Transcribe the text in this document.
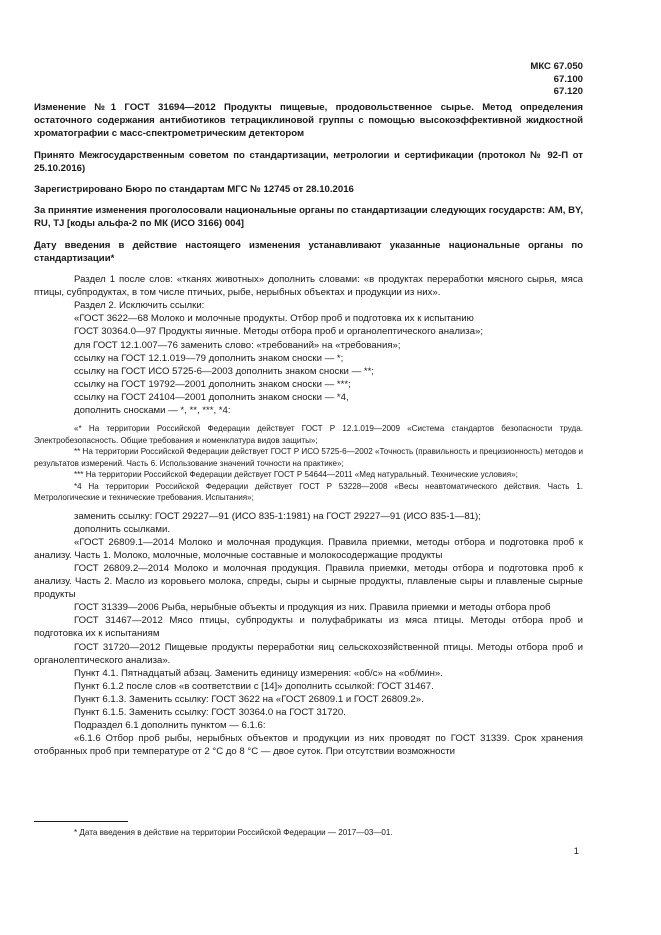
МКС 67.050
67.100
67.120

Изменение №1 ГОСТ 31694—2012 Продукты пищевые, продовольственное сырье. Метод определения остаточного содержания антибиотиков тетрациклиновой группы с помощью высокоэффективной жидкостной хроматографии с масс-спектрометрическим детектором

Принято Межгосударственным советом по стандартизации, метрологии и сертификации (протокол № 92-П от 25.10.2016)

Зарегистрировано Бюро по стандартам МГС № 12745 от 28.10.2016

За принятие изменения проголосовали национальные органы по стандартизации следующих государств: AM, BY, RU, TJ [коды альфа-2 по МК (ИСО 3166) 004]

Дату введения в действие настоящего изменения устанавливают указанные национальные органы по стандартизации*

Раздел 1 после слов: «тканях животных» дополнить словами: «в продуктах переработки мясного сырья, мяса птицы, субпродуктах, в том числе птичьих, рыбе, нерыбных объектах и продукции из них».

Раздел 2. Исключить ссылки:

«ГОСТ 3622—68 Молоко и молочные продукты. Отбор проб и подготовка их к испытанию

ГОСТ 30364.0—97 Продукты яичные. Методы отбора проб и органолептического анализа»;

для ГОСТ 12.1.007—76 заменить слово: «требований» на «требования»;

ссылку на ГОСТ 12.1.019—79 дополнить знаком сноски — *;

ссылку на ГОСТ ИСО 5725-6—2003 дополнить знаком сноски — **;

ссылку на ГОСТ 19792—2001 дополнить знаком сноски — ***;

ссылку на ГОСТ 24104—2001 дополнить знаком сноски — *4,

дополнить сносками — *, **, ***, *4:

«* На территории Российской Федерации действует ГОСТ Р 12.1.019—2009 «Система стандартов безопасности труда. Электробезопасность. Общие требования и номенклатура видов защиты»;

** На территории Российской Федерации действует ГОСТ Р ИСО 5725-6—2002 «Точность (правильность и прецизионность) методов и результатов измерений. Часть 6. Использование значений точности на практике»;

*** На территории Российской Федерации действует ГОСТ Р 54644—2011 «Мед натуральный. Технические условия»;

*4 На территории Российской Федерации действует ГОСТ Р 53228—2008 «Весы неавтоматического действия. Часть 1. Метрологические и технические требования. Испытания»;

заменить ссылку: ГОСТ 29227—91 (ИСО 835-1:1981) на ГОСТ 29227—91 (ИСО 835-1—81);

дополнить ссылками.

«ГОСТ 26809.1—2014 Молоко и молочная продукция. Правила приемки, методы отбора и подготовка проб к анализу. Часть 1. Молоко, молочные, молочные составные и молокосодержащие продукты

ГОСТ 26809.2—2014 Молоко и молочная продукция. Правила приемки, методы отбора и подготовка проб к анализу. Часть 2. Масло из коровьего молока, спреды, сыры и сырные продукты, плавленые сыры и плавленые сырные продукты

ГОСТ 31339—2006 Рыба, нерыбные объекты и продукция из них. Правила приемки и методы отбора проб

ГОСТ 31467—2012 Мясо птицы, субпродукты и полуфабрикаты из мяса птицы. Методы отбора проб и подготовка их к испытаниям

ГОСТ 31720—2012 Пищевые продукты переработки яиц сельскохозяйственной птицы. Методы отбора проб и органолептического анализа».

Пункт 4.1. Пятнадцатый абзац. Заменить единицу измерения: «об/с» на «об/мин».

Пункт 6.1.2 после слов «в соответствии с [14]» дополнить ссылкой: ГОСТ 31467.

Пункт 6.1.3. Заменить ссылку: ГОСТ 3622 на «ГОСТ 26809.1 и ГОСТ 26809.2».

Пункт 6.1.5. Заменить ссылку: ГОСТ 30364.0 на ГОСТ 31720.

Подраздел 6.1 дополнить пунктом — 6.1.6:

«6.1.6 Отбор проб рыбы, нерыбных объектов и продукции из них проводят по ГОСТ 31339. Срок хранения отобранных проб при температуре от 2 °С до 8 °С — двое суток. При отсутствии возможности

* Дата введения в действие на территории Российской Федерации — 2017—03—01.
1
